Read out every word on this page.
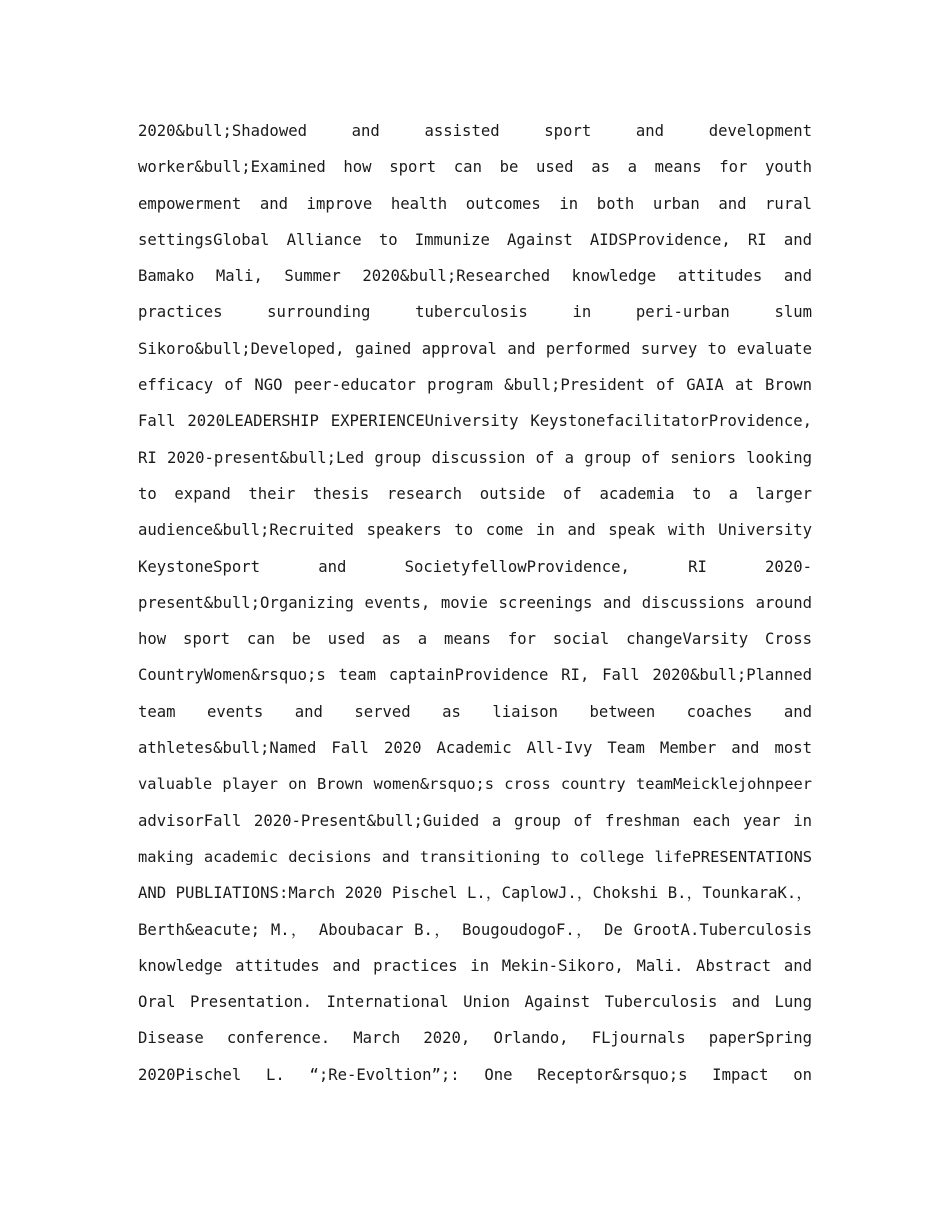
2020&bull;Shadowed and assisted sport and development
worker&bull;Examined how sport can be used as a means for youth
empowerment and improve health outcomes in both urban and rural
settingsGlobal Alliance to Immunize Against AIDSProvidence, RI and
Bamako Mali, Summer 2020&bull;Researched knowledge attitudes and
practices surrounding tuberculosis in peri-urban slum
Sikoro&bull;Developed, gained approval and performed survey to evaluate
efficacy of NGO peer-educator program &bull;President of GAIA at Brown
Fall 2020LEADERSHIP EXPERIENCEUniversity KeystonefacilitatorProvidence,
RI 2020-present&bull;Led group discussion of a group of seniors looking
to expand their thesis research outside of academia to a larger
audience&bull;Recruited speakers to come in and speak with University
KeystoneSport and SocietyfellowProvidence, RI 2020-
present&bull;Organizing events, movie screenings and discussions around
how sport can be used as a means for social changeVarsity Cross
CountryWomen&rsquo;s team captainProvidence RI, Fall 2020&bull;Planned
team events and served as liaison between coaches and
athletes&bull;Named Fall 2020 Academic All-Ivy Team Member and most
valuable player on Brown women&rsquo;s cross country teamMeicklejohnpeer
advisorFall 2020-Present&bull;Guided a group of freshman each year in
making academic decisions and transitioning to college lifePRESENTATIONS
AND PUBLIATIONS:March 2020 Pischel L.，CaplowJ.，Chokshi B.，TounkaraK.，
Berth&eacute; M.， Aboubacar B.， BougoudogoF.， De GrootA.Tuberculosis
knowledge attitudes and practices in Mekin-Sikoro, Mali. Abstract and
Oral Presentation. International Union Against Tuberculosis and Lung
Disease conference. March 2020, Orlando, FLjournals paperSpring
2020Pischel L. “;Re-Evoltion”;: One Receptor&rsquo;s Impact on
